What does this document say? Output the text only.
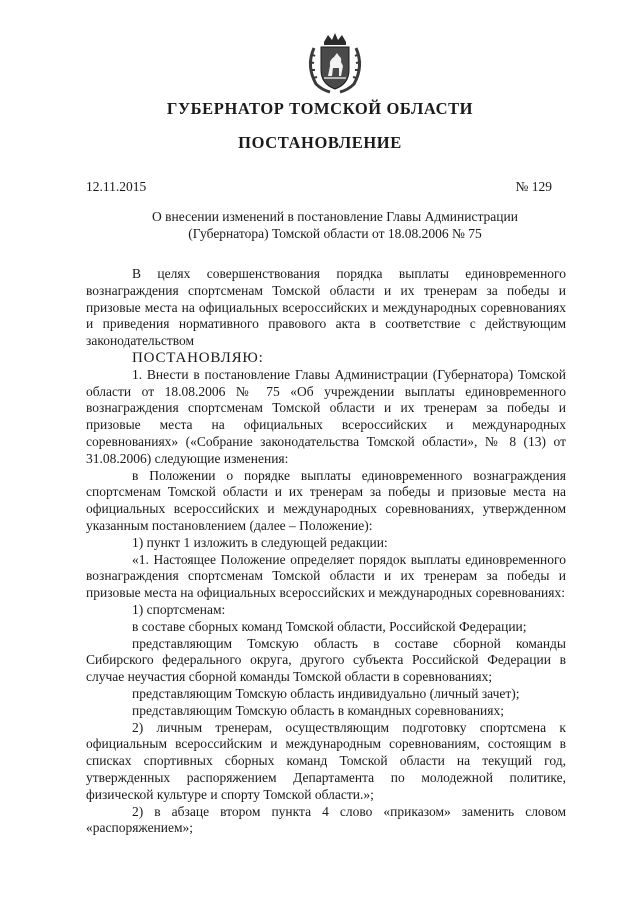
ГУБЕРНАТОР ТОМСКОЙ ОБЛАСТИ
ПОСТАНОВЛЕНИЕ
12.11.2015	№ 129
О внесении изменений в постановление Главы Администрации
(Губернатора) Томской области от 18.08.2006 № 75

В целях совершенствования порядка выплаты единовременного вознаграждения спортсменам Томской области и их тренерам за победы и призовые места на официальных всероссийских и международных соревнованиях и приведения нормативного правового акта в соответствие с действующим законодательством

ПОСТАНОВЛЯЮ:

1. Внести в постановление Главы Администрации (Губернатора) Томской области от 18.08.2006 № 75 «Об учреждении выплаты единовременного вознаграждения спортсменам Томской области и их тренерам за победы и призовые места на официальных всероссийских и международных соревнованиях» («Собрание законодательства Томской области», № 8 (13) от 31.08.2006) следующие изменения:

в Положении о порядке выплаты единовременного вознаграждения спортсменам Томской области и их тренерам за победы и призовые места на официальных всероссийских и международных соревнованиях, утвержденном указанным постановлением (далее – Положение):

1) пункт 1 изложить в следующей редакции:

«1. Настоящее Положение определяет порядок выплаты единовременного вознаграждения спортсменам Томской области и их тренерам за победы и призовые места на официальных всероссийских и международных соревнованиях:

1) спортсменам:

в составе сборных команд Томской области, Российской Федерации;

представляющим Томскую область в составе сборной команды Сибирского федерального округа, другого субъекта Российской Федерации в случае неучастия сборной команды Томской области в соревнованиях;

представляющим Томскую область индивидуально (личный зачет);

представляющим Томскую область в командных соревнованиях;

2) личным тренерам, осуществляющим подготовку спортсмена к официальным всероссийским и международным соревнованиям, состоящим в списках спортивных сборных команд Томской области на текущий год, утвержденных распоряжением Департамента по молодежной политике, физической культуре и спорту Томской области.»;

2) в абзаце втором пункта 4 слово «приказом» заменить словом «распоряжением»;
